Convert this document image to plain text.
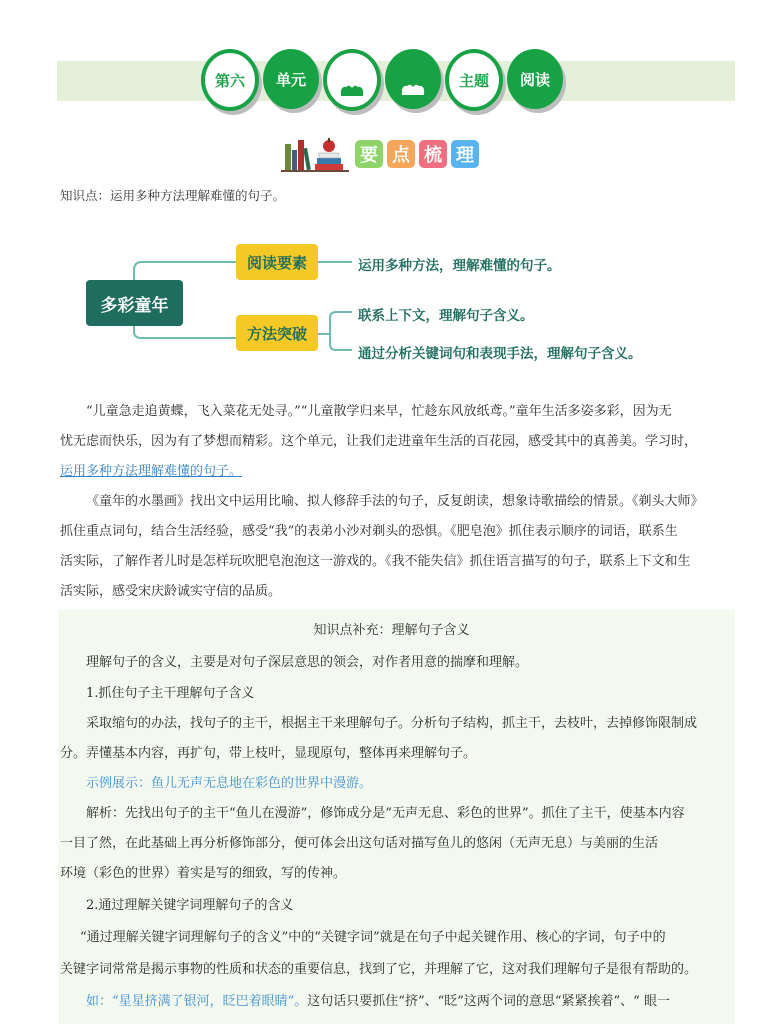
第六 单元	主题 阅读
要 点 梳 理
知识点：运用多种方法理解难懂的句子。
多彩童年
阅读要素
方法突破
运用多种方法，理解难懂的句子。
联系上下文，理解句子含义。
通过分析关键词句和表现手法，理解句子含义。
“儿童急走追黄蝶，飞入菜花无处寻。”“儿童散学归来早，忙趁东风放纸鸢。”童年生活多姿多彩，因为无
忧无虑而快乐，因为有了梦想而精彩。这个单元，让我们走进童年生活的百花园，感受其中的真善美。学习时，
运用多种方法理解难懂的句子。
《童年的水墨画》找出文中运用比喻、拟人修辞手法的句子，反复朗读，想象诗歌描绘的情景。《剃头大师》
抓住重点词句，结合生活经验，感受“我”的表弟小沙对剃头的恐惧。《肥皂泡》抓住表示顺序的词语，联系生
活实际，了解作者儿时是怎样玩吹肥皂泡泡这一游戏的。《我不能失信》抓住语言描写的句子，联系上下文和生
活实际，感受宋庆龄诚实守信的品质。
知识点补充：理解句子含义
理解句子的含义，主要是对句子深层意思的领会，对作者用意的揣摩和理解。
1.抓住句子主干理解句子含义
采取缩句的办法，找句子的主干，根据主干来理解句子。分析句子结构，抓主干，去枝叶，去掉修饰限制成
分。弄懂基本内容，再扩句，带上枝叶，显现原句，整体再来理解句子。
示例展示：鱼儿无声无息地在彩色的世界中漫游。
解析：先找出句子的主干“鱼儿在漫游”，修饰成分是“无声无息、彩色的世界”。抓住了主干，使基本内容
一目了然，在此基础上再分析修饰部分，便可体会出这句话对描写鱼儿的悠闲（无声无息）与美丽的生活
环境（彩色的世界）着实是写的细致，写的传神。
2.通过理解关键字词理解句子的含义
“通过理解关键字词理解句子的含义”中的“关键字词”就是在句子中起关键作用、核心的字词，句子中的
关键字词常常是揭示事物的性质和状态的重要信息，找到了它，并理解了它，这对我们理解句子是很有帮助的。
如：“星星挤满了银河，眨巴着眼睛”。这句话只要抓住“挤”、“眨”这两个词的意思“紧紧挨着”、“ 眼一
